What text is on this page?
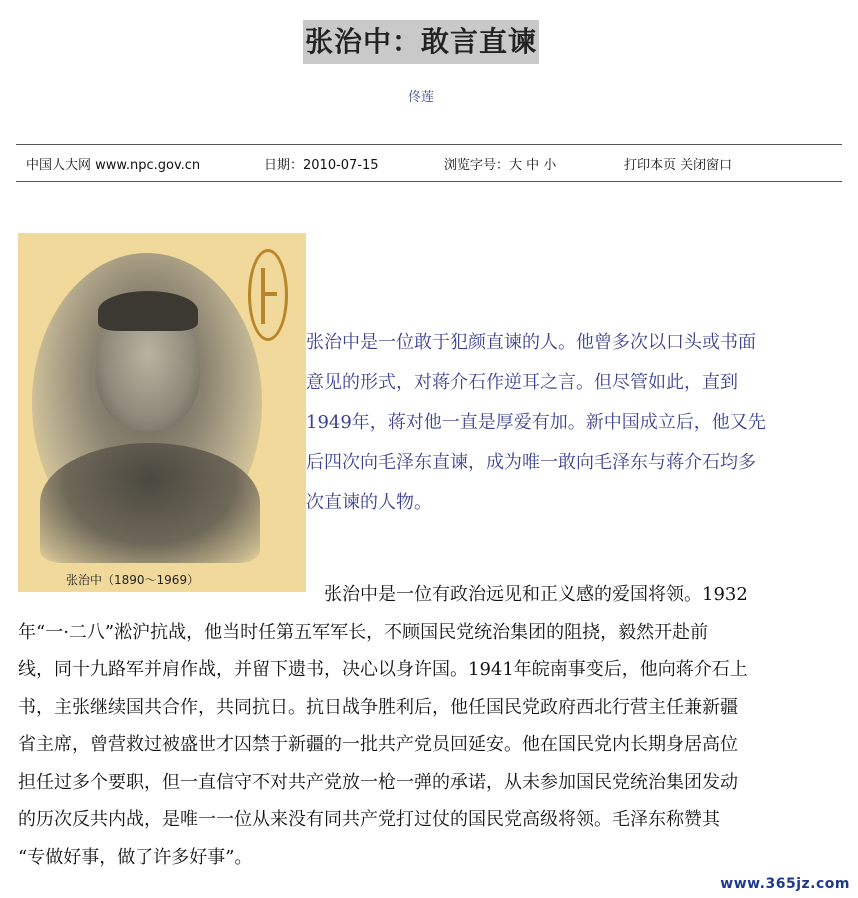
张治中：敢言直谏
佟莲
中国人大网 www.npc.gov.cn	日期：2010-07-15	浏览字号：大 中 小	打印本页 关闭窗口
张治中（1890～1969）
张治中是一位敢于犯颜直谏的人。他曾多次以口头或书面
意见的形式，对蒋介石作逆耳之言。但尽管如此，直到
1949年，蒋对他一直是厚爱有加。新中国成立后，他又先
后四次向毛泽东直谏，成为唯一敢向毛泽东与蒋介石均多
次直谏的人物。
　　　　　　　　　　　　　　　　　张治中是一位有政治远见和正义感的爱国将领。1932
年“一·二八”淞沪抗战，他当时任第五军军长，不顾国民党统治集团的阻挠，毅然开赴前
线，同十九路军并肩作战，并留下遗书，决心以身许国。1941年皖南事变后，他向蒋介石上
书，主张继续国共合作，共同抗日。抗日战争胜利后，他任国民党政府西北行营主任兼新疆
省主席，曾营救过被盛世才囚禁于新疆的一批共产党员回延安。他在国民党内长期身居高位
担任过多个要职，但一直信守不对共产党放一枪一弹的承诺，从未参加国民党统治集团发动
的历次反共内战，是唯一一位从来没有同共产党打过仗的国民党高级将领。毛泽东称赞其
“专做好事，做了许多好事”。
www.365jz.com
